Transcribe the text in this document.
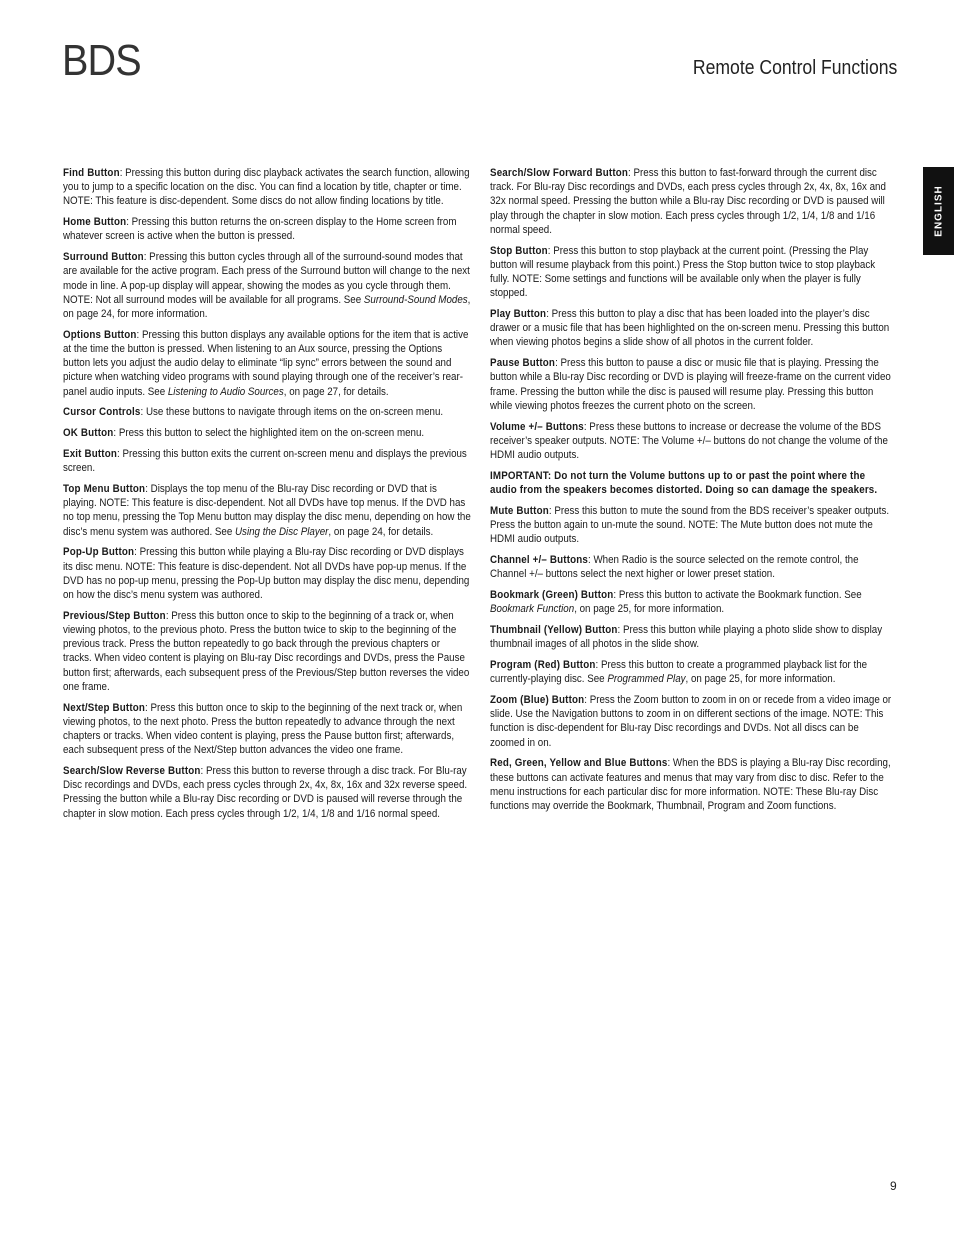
BDS	Remote Control Functions
ENGLISH

Find Button: Pressing this button during disc playback activates the search function, allowing you to jump to a specific location on the disc. You can find a location by title, chapter or time. NOTE: This feature is disc-dependent. Some discs do not allow finding locations by title.

Home Button: Pressing this button returns the on-screen display to the Home screen from whatever screen is active when the button is pressed.

Surround Button: Pressing this button cycles through all of the surround-sound modes that are available for the active program. Each press of the Surround button will change to the next mode in line. A pop-up display will appear, showing the modes as you cycle through them. NOTE: Not all surround modes will be available for all programs. See Surround-Sound Modes, on page 24, for more information.

Options Button: Pressing this button displays any available options for the item that is active at the time the button is pressed. When listening to an Aux source, pressing the Options button lets you adjust the audio delay to eliminate “lip sync” errors between the sound and picture when watching video programs with sound playing through one of the receiver’s rear-panel audio inputs. See Listening to Audio Sources, on page 27, for details.

Cursor Controls: Use these buttons to navigate through items on the on-screen menu.

OK Button: Press this button to select the highlighted item on the on-screen menu.

Exit Button: Pressing this button exits the current on-screen menu and displays the previous screen.

Top Menu Button: Displays the top menu of the Blu-ray Disc recording or DVD that is playing. NOTE: This feature is disc-dependent. Not all DVDs have top menus. If the DVD has no top menu, pressing the Top Menu button may display the disc menu, depending on how the disc’s menu system was authored. See Using the Disc Player, on page 24, for details.

Pop-Up Button: Pressing this button while playing a Blu-ray Disc recording or DVD displays its disc menu. NOTE: This feature is disc-dependent. Not all DVDs have pop-up menus. If the DVD has no pop-up menu, pressing the Pop-Up button may display the disc menu, depending on how the disc’s menu system was authored.

Previous/Step Button: Press this button once to skip to the beginning of a track or, when viewing photos, to the previous photo. Press the button twice to skip to the beginning of the previous track. Press the button repeatedly to go back through the previous chapters or tracks. When video content is playing on Blu-ray Disc recordings and DVDs, press the Pause button first; afterwards, each subsequent press of the Previous/Step button reverses the video one frame.

Next/Step Button: Press this button once to skip to the beginning of the next track or, when viewing photos, to the next photo. Press the button repeatedly to advance through the next chapters or tracks. When video content is playing, press the Pause button first; afterwards, each subsequent press of the Next/Step button advances the video one frame.

Search/Slow Reverse Button: Press this button to reverse through a disc track. For Blu-ray Disc recordings and DVDs, each press cycles through 2x, 4x, 8x, 16x and 32x reverse speed. Pressing the button while a Blu-ray Disc recording or DVD is paused will reverse through the chapter in slow motion. Each press cycles through 1/2, 1/4, 1/8 and 1/16 normal speed.

Search/Slow Forward Button: Press this button to fast-forward through the current disc track. For Blu-ray Disc recordings and DVDs, each press cycles through 2x, 4x, 8x, 16x and 32x normal speed. Pressing the button while a Blu-ray Disc recording or DVD is paused will play through the chapter in slow motion. Each press cycles through 1/2, 1/4, 1/8 and 1/16 normal speed.

Stop Button: Press this button to stop playback at the current point. (Pressing the Play button will resume playback from this point.) Press the Stop button twice to stop playback fully. NOTE: Some settings and functions will be available only when the player is fully stopped.

Play Button: Press this button to play a disc that has been loaded into the player’s disc drawer or a music file that has been highlighted on the on-screen menu. Pressing this button when viewing photos begins a slide show of all photos in the current folder.

Pause Button: Press this button to pause a disc or music file that is playing. Pressing the button while a Blu-ray Disc recording or DVD is playing will freeze-frame on the current video frame. Pressing the button while the disc is paused will resume play. Pressing this button while viewing photos freezes the current photo on the screen.

Volume +/– Buttons: Press these buttons to increase or decrease the volume of the BDS receiver’s speaker outputs. NOTE: The Volume +/– buttons do not change the volume of the HDMI audio outputs.

IMPORTANT: Do not turn the Volume buttons up to or past the point where the audio from the speakers becomes distorted. Doing so can damage the speakers.

Mute Button: Press this button to mute the sound from the BDS receiver’s speaker outputs. Press the button again to un-mute the sound. NOTE: The Mute button does not mute the HDMI audio outputs.

Channel +/– Buttons: When Radio is the source selected on the remote control, the Channel +/– buttons select the next higher or lower preset station.

Bookmark (Green) Button: Press this button to activate the Bookmark function. See Bookmark Function, on page 25, for more information.

Thumbnail (Yellow) Button: Press this button while playing a photo slide show to display thumbnail images of all photos in the slide show.

Program (Red) Button: Press this button to create a programmed playback list for the currently-playing disc. See Programmed Play, on page 25, for more information.

Zoom (Blue) Button: Press the Zoom button to zoom in on or recede from a video image or slide. Use the Navigation buttons to zoom in on different sections of the image. NOTE: This function is disc-dependent for Blu-ray Disc recordings and DVDs. Not all discs can be zoomed in on.

Red, Green, Yellow and Blue Buttons: When the BDS is playing a Blu-ray Disc recording, these buttons can activate features and menus that may vary from disc to disc. Refer to the menu instructions for each particular disc for more information. NOTE: These Blu-ray Disc functions may override the Bookmark, Thumbnail, Program and Zoom functions.

9
